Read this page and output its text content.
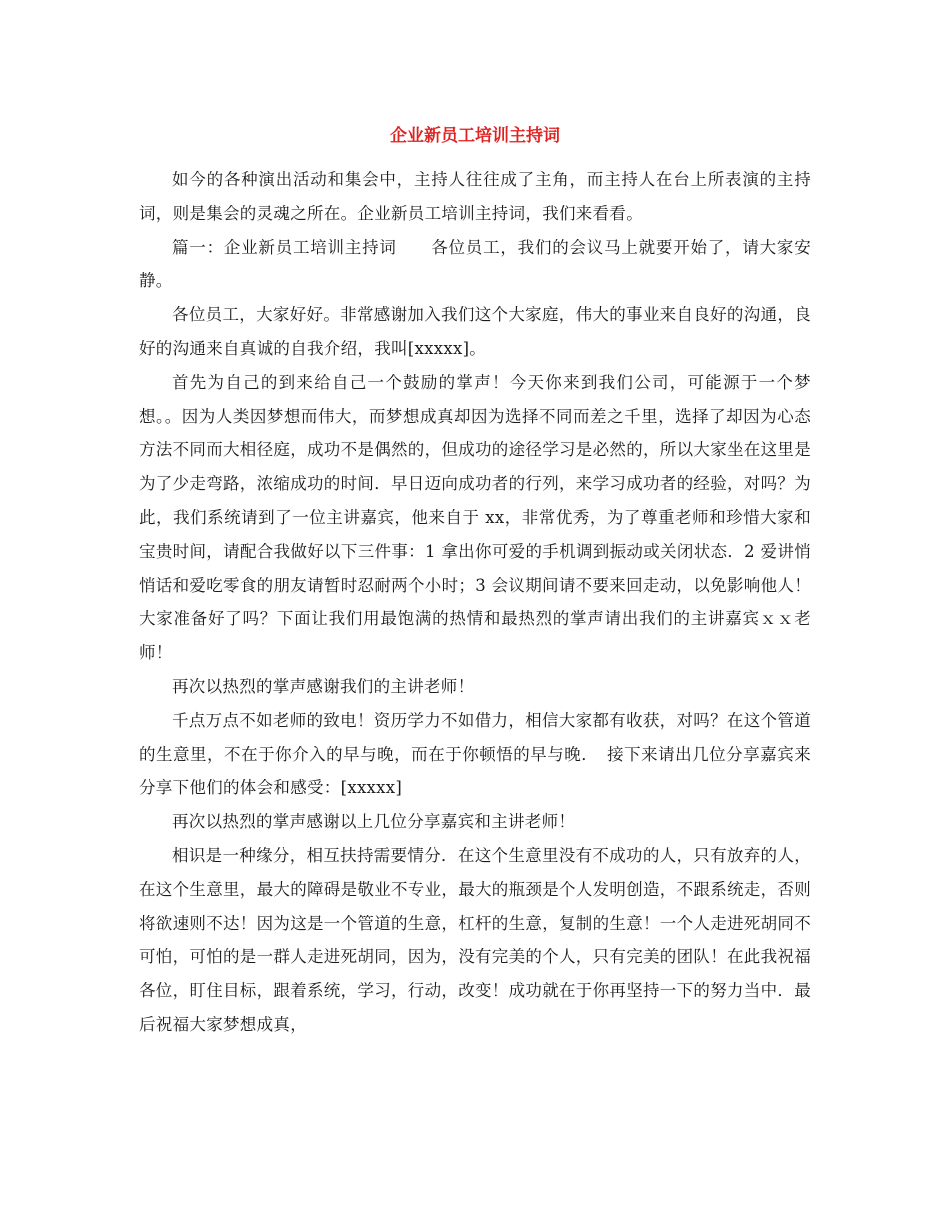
企业新员工培训主持词

如今的各种演出活动和集会中，主持人往往成了主角，而主持人在台上所表演的主持词，则是集会的灵魂之所在。企业新员工培训主持词，我们来看看。

篇一：企业新员工培训主持词　　各位员工，我们的会议马上就要开始了，请大家安静。

各位员工，大家好好。非常感谢加入我们这个大家庭，伟大的事业来自良好的沟通，良好的沟通来自真诚的自我介绍，我叫[xxxxx]。

首先为自己的到来给自己一个鼓励的掌声！今天你来到我们公司，可能源于一个梦想。。因为人类因梦想而伟大，而梦想成真却因为选择不同而差之千里，选择了却因为心态方法不同而大相径庭，成功不是偶然的，但成功的途径学习是必然的，所以大家坐在这里是为了少走弯路，浓缩成功的时间．早日迈向成功者的行列，来学习成功者的经验，对吗？为此，我们系统请到了一位主讲嘉宾，他来自于 xx，非常优秀，为了尊重老师和珍惜大家和宝贵时间，请配合我做好以下三件事：1 拿出你可爱的手机调到振动或关闭状态．2 爱讲悄悄话和爱吃零食的朋友请暂时忍耐两个小时；3 会议期间请不要来回走动，以免影响他人！大家准备好了吗？下面让我们用最饱满的热情和最热烈的掌声请出我们的主讲嘉宾ｘｘ老师！

再次以热烈的掌声感谢我们的主讲老师！

千点万点不如老师的致电！资历学力不如借力，相信大家都有收获，对吗？在这个管道的生意里，不在于你介入的早与晚，而在于你顿悟的早与晚．　接下来请出几位分享嘉宾来分享下他们的体会和感受：[xxxxx]

再次以热烈的掌声感谢以上几位分享嘉宾和主讲老师！

相识是一种缘分，相互扶持需要情分．在这个生意里没有不成功的人，只有放弃的人，在这个生意里，最大的障碍是敬业不专业，最大的瓶颈是个人发明创造，不跟系统走，否则将欲速则不达！因为这是一个管道的生意，杠杆的生意，复制的生意！一个人走进死胡同不可怕，可怕的是一群人走进死胡同，因为，没有完美的个人，只有完美的团队！在此我祝福各位，盯住目标，跟着系统，学习，行动，改变！成功就在于你再坚持一下的努力当中．最后祝福大家梦想成真，
